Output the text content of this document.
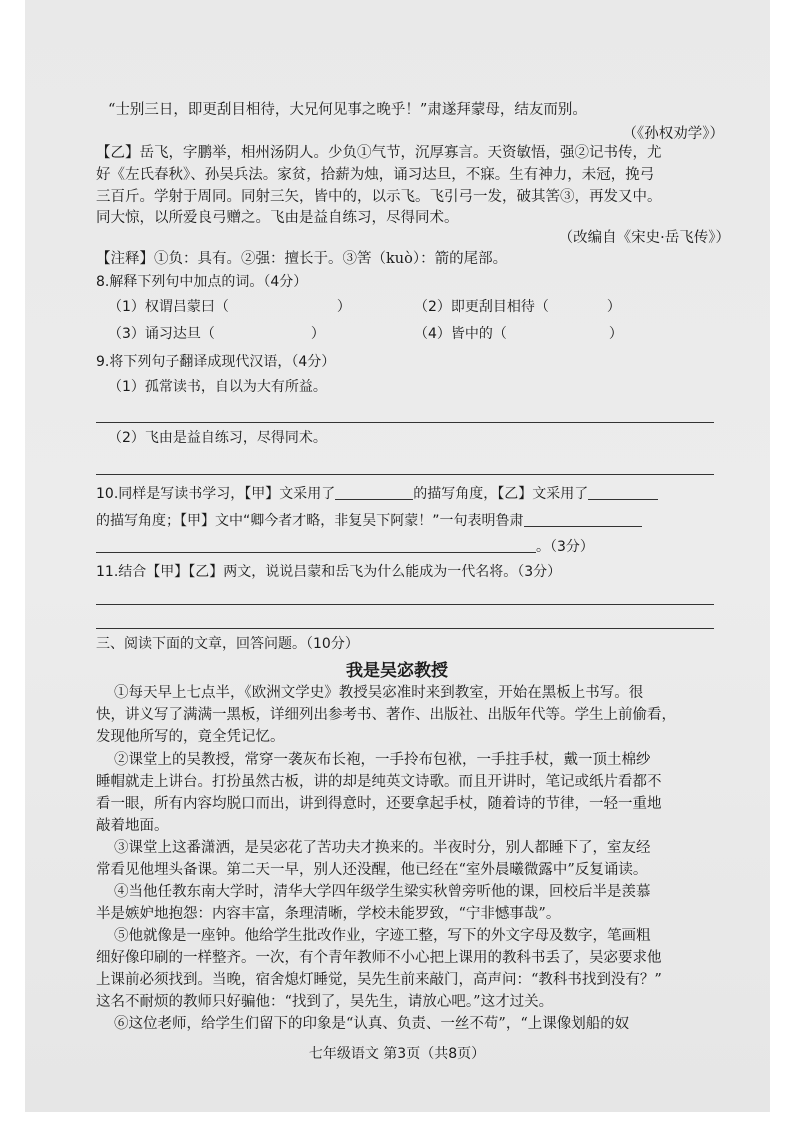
“士别三日，即更刮目相待，大兄何见事之晚乎！”肃遂拜蒙母，结友而别。
（《孙权劝学》）
【乙】岳飞，字鹏举，相州汤阴人。少负①气节，沉厚寡言。天资敏悟，强②记书传，尤
好《左氏春秋》、孙吴兵法。家贫，拾薪为烛，诵习达旦，不寐。生有神力，未冠，挽弓
三百斤。学射于周同。同射三矢，皆中的，以示飞。飞引弓一发，破其筈③，再发又中。
同大惊，以所爱良弓赠之。飞由是益自练习，尽得同术。
（改编自《宋史·岳飞传》）
【注释】①负：具有。②强：擅长于。③筈（kuò）：箭的尾部。
8.解释下列句中加点的词。（4分）
（1）权谓吕蒙曰（	）	（2）即更刮目相待（	）
（3）诵习达旦（	）	（4）皆中的（	）
9.将下列句子翻译成现代汉语，（4分）
（1）孤常读书，自以为大有所益。
（2）飞由是益自练习，尽得同术。
10.同样是写读书学习，【甲】文采用了	的描写角度，【乙】文采用了
的描写角度；【甲】文中“卿今者才略，非复吴下阿蒙！”一句表明鲁肃
。（3分）
11.结合【甲】【乙】两文，说说吕蒙和岳飞为什么能成为一代名将。（3分）
三、阅读下面的文章，回答问题。（10分）
我是吴宓教授
①每天早上七点半，《欧洲文学史》教授吴宓准时来到教室，开始在黑板上书写。很
快，讲义写了满满一黑板，详细列出参考书、著作、出版社、出版年代等。学生上前偷看，
发现他所写的，竟全凭记忆。
②课堂上的吴教授，常穿一袭灰布长袍，一手拎布包袱，一手拄手杖，戴一顶土棉纱
睡帽就走上讲台。打扮虽然古板，讲的却是纯英文诗歌。而且开讲时，笔记或纸片看都不
看一眼，所有内容均脱口而出，讲到得意时，还要拿起手杖，随着诗的节律，一轻一重地
敲着地面。
③课堂上这番潇洒，是吴宓花了苦功夫才换来的。半夜时分，别人都睡下了，室友经
常看见他埋头备课。第二天一早，别人还没醒，他已经在“室外晨曦微露中”反复诵读。
④当他任教东南大学时，清华大学四年级学生梁实秋曾旁听他的课，回校后半是羡慕
半是嫉妒地抱怨：内容丰富，条理清晰，学校未能罗致，“宁非憾事哉”。
⑤他就像是一座钟。他给学生批改作业，字迹工整，写下的外文字母及数字，笔画粗
细好像印刷的一样整齐。一次，有个青年教师不小心把上课用的教科书丢了，吴宓要求他
上课前必须找到。当晚，宿舍熄灯睡觉，吴先生前来敲门，高声问：“教科书找到没有？”
这名不耐烦的教师只好骗他：“找到了，吴先生，请放心吧。”这才过关。
⑥这位老师，给学生们留下的印象是“认真、负责、一丝不苟”，“上课像划船的奴
七年级语文 第3页（共8页）
